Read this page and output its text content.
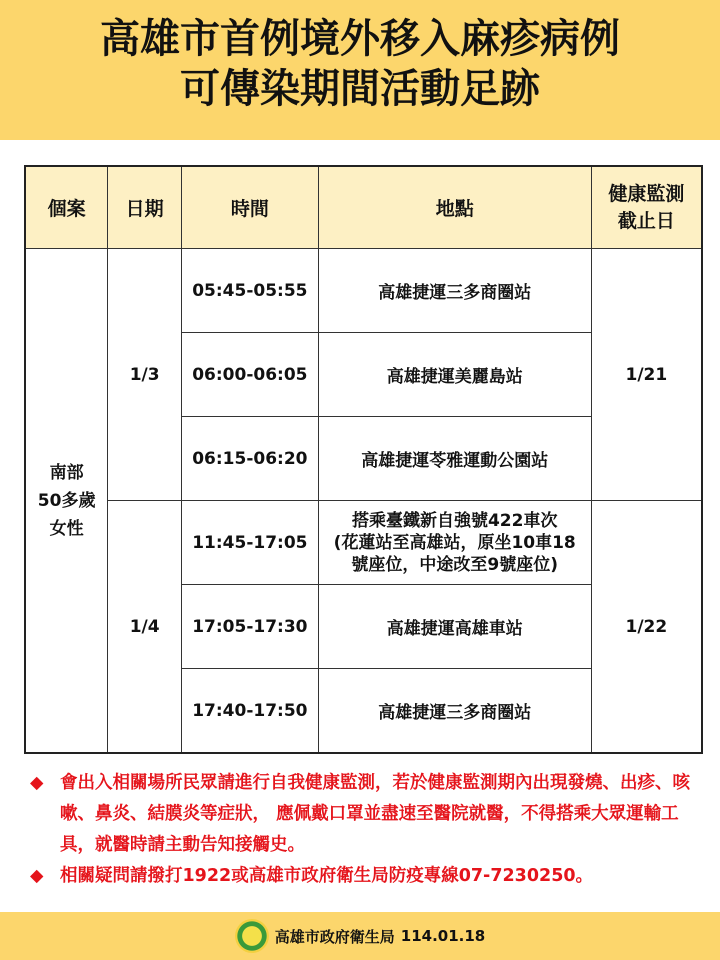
高雄市首例境外移入麻疹病例
可傳染期間活動足跡
個案	日期	時間	地點	健康監測
截止日
南部
50多歲
女性	1/3	05:45-05:55	高雄捷運三多商圈站	1/21
		06:00-06:05	高雄捷運美麗島站	
		06:15-06:20	高雄捷運苓雅運動公園站	
	1/4	11:45-17:05	搭乘臺鐵新自強號422車次
(花蓮站至高雄站，原坐10車18號座位，中途改至9號座位)	1/22
		17:05-17:30	高雄捷運高雄車站	
		17:40-17:50	高雄捷運三多商圈站	
◆ 會出入相關場所民眾請進行自我健康監測，若於健康監測期內出現發燒、出疹、咳嗽、鼻炎、結膜炎等症狀， 應佩戴口罩並盡速至醫院就醫，不得搭乘大眾運輸工具，就醫時請主動告知接觸史。
◆ 相關疑問請撥打1922或高雄市政府衛生局防疫專線07-7230250。
高雄市政府衛生局 114.01.18
